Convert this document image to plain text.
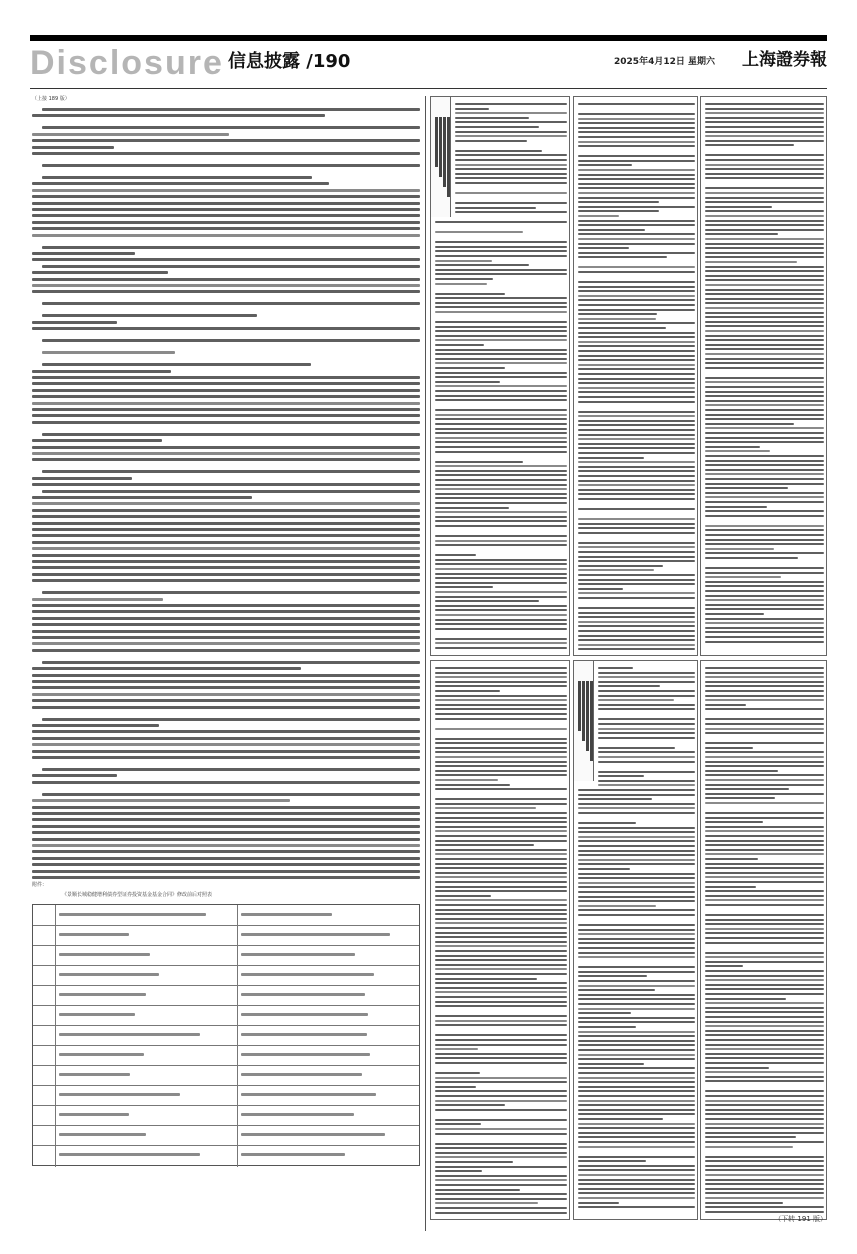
Disclosure 信息披露 /190	2025年4月12日 星期六 上海證券報
（上接 189 版）
附件：
《景顺长城稳健增利债券型证券投资基金基金合同》修改前后对照表
（下转 191 版）
